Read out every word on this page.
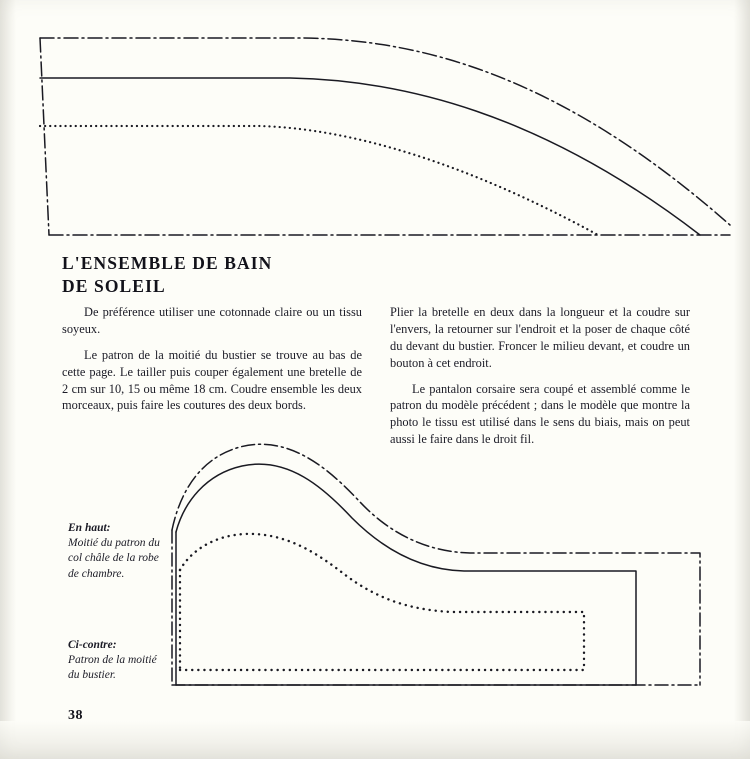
L'ENSEMBLE DE BAIN
DE SOLEIL

De préférence utiliser une cotonnade claire ou un tissu soyeux.

Le patron de la moitié du bustier se trouve au bas de cette page. Le tailler puis couper également une bretelle de 2 cm sur 10, 15 ou même 18 cm. Coudre ensemble les deux morceaux, puis faire les coutures des deux bords.

Plier la bretelle en deux dans la longueur et la coudre sur l'envers, la retourner sur l'endroit et la poser de chaque côté du devant du bustier. Froncer le milieu devant, et coudre un bouton à cet endroit.

Le pantalon corsaire sera coupé et assemblé comme le patron du modèle précédent ; dans le modèle que montre la photo le tissu est utilisé dans le sens du biais, mais on peut aussi le faire dans le droit fil.

En haut:
Moitié du patron du col châle de la robe de chambre.
Ci-contre:
Patron de la moitié du bustier.
38
